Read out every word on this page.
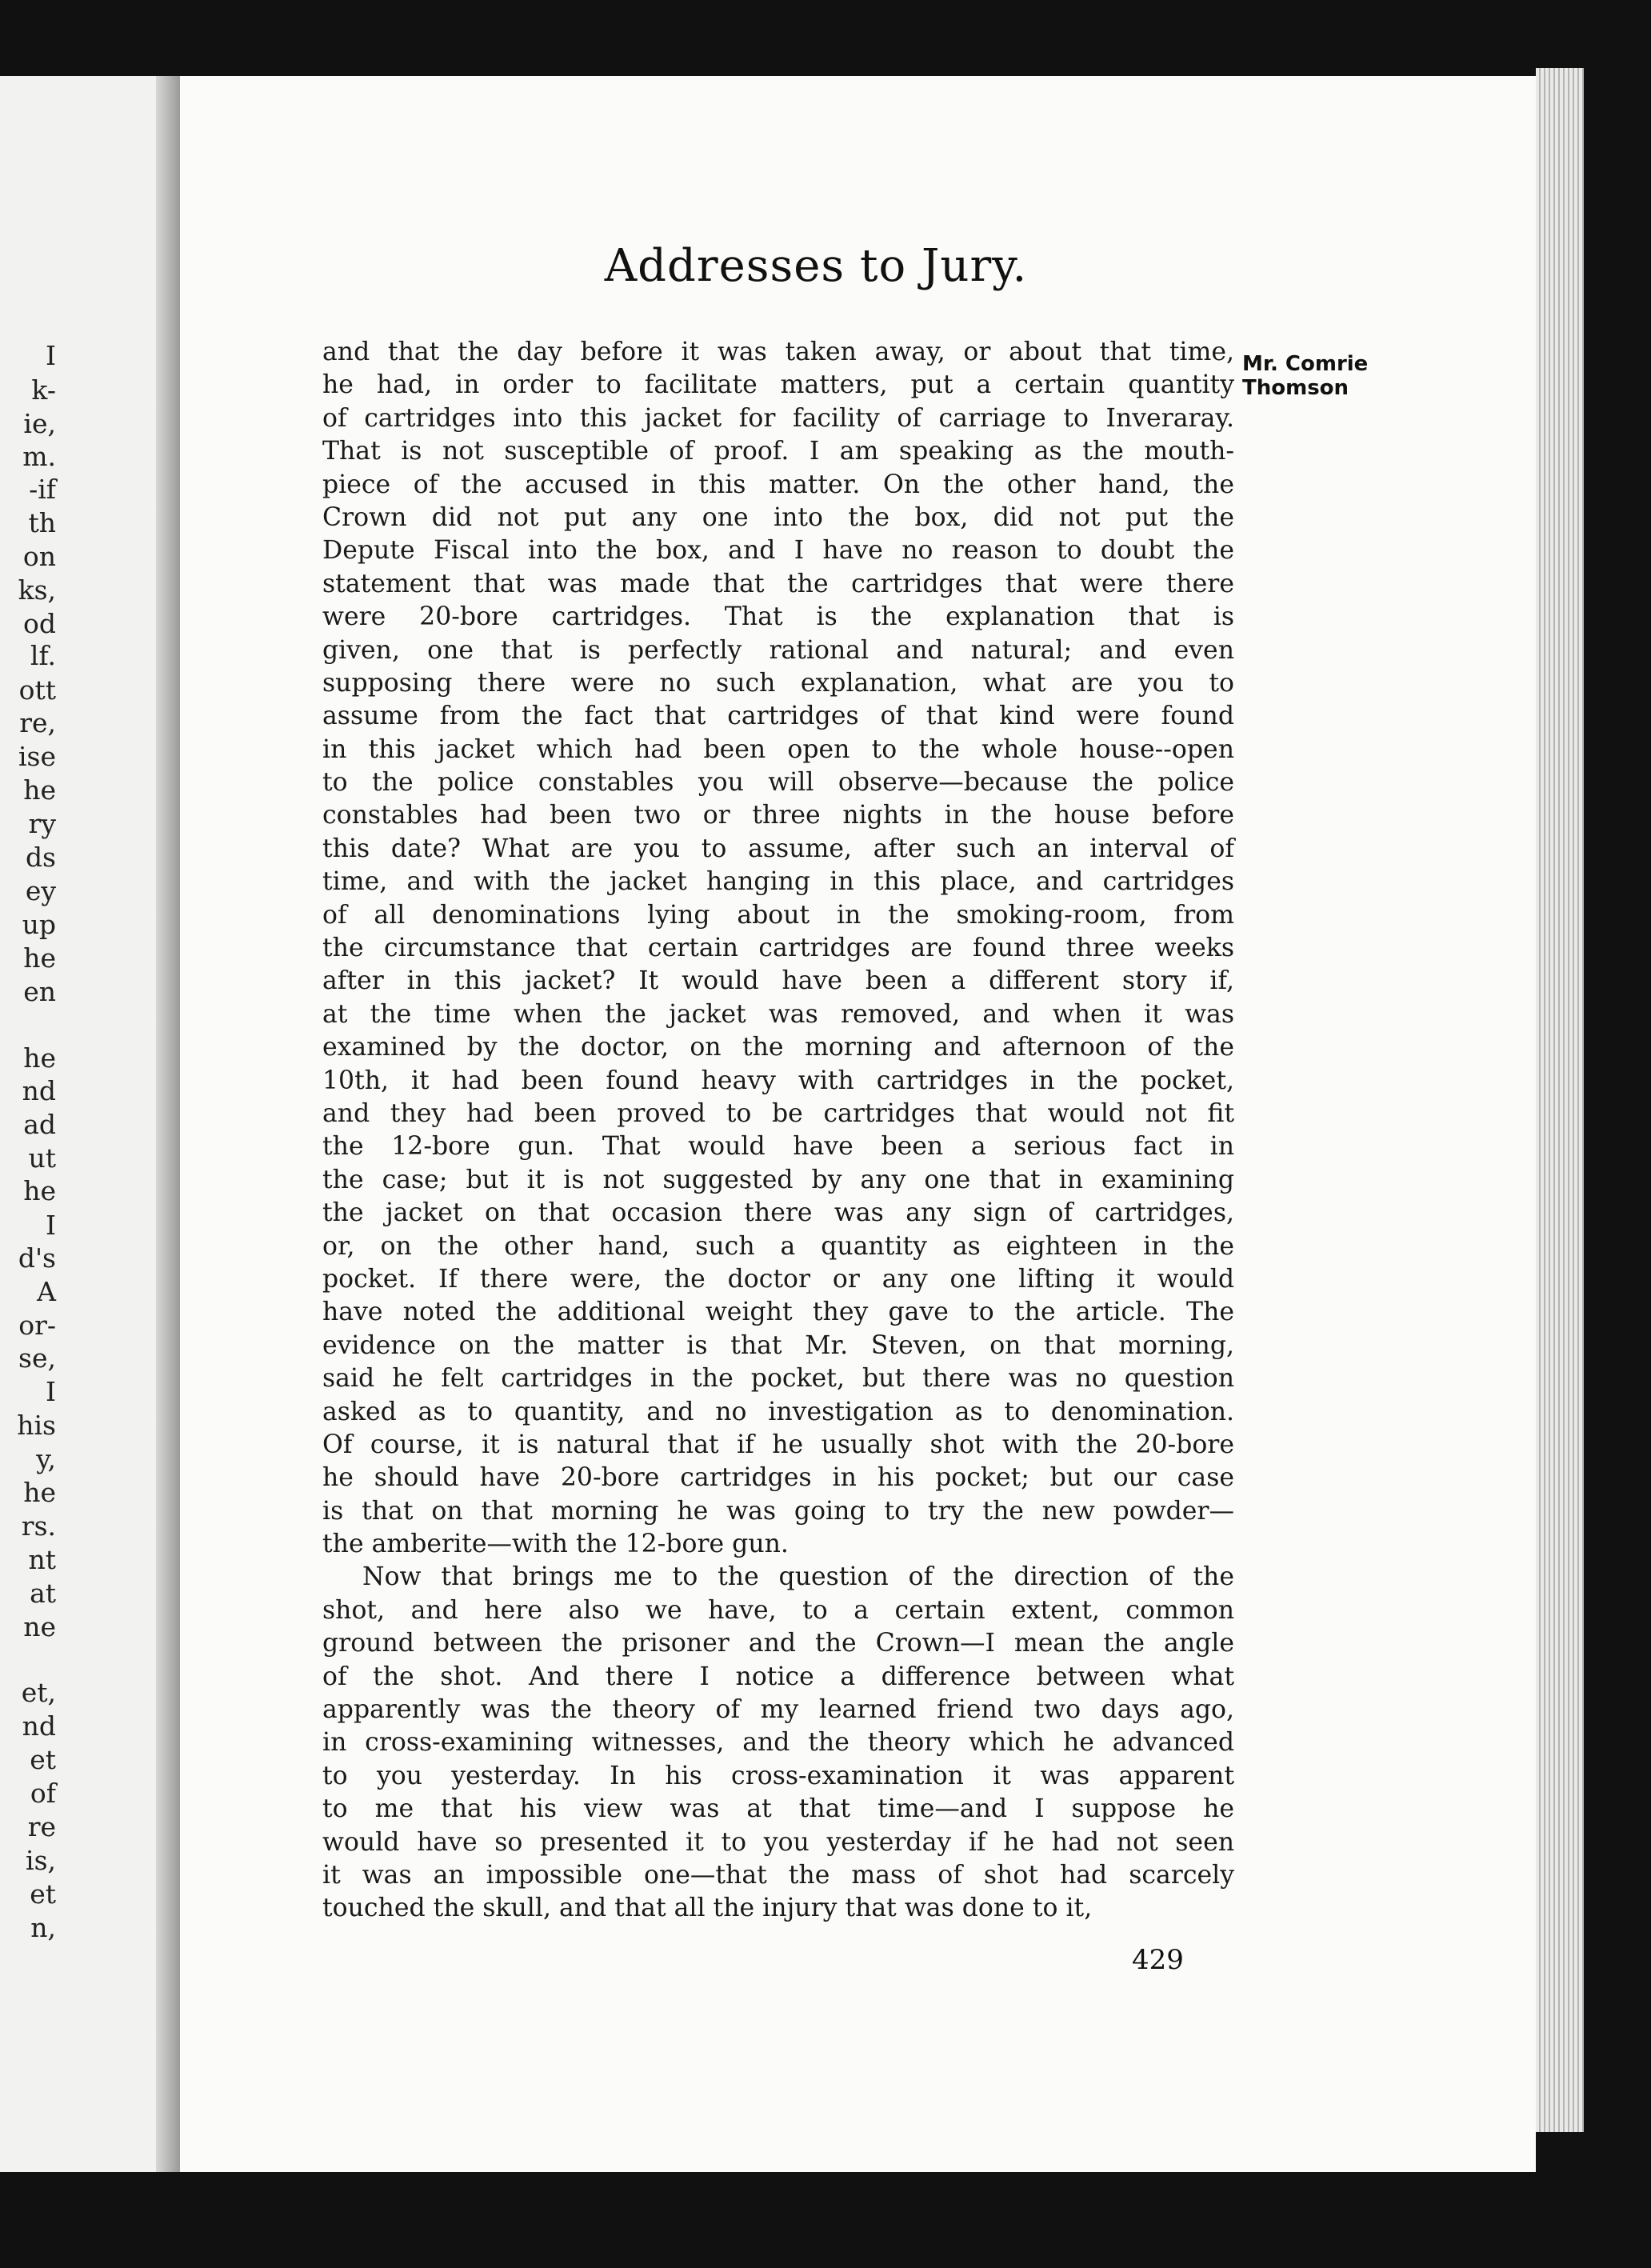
I
k-
ie,
m.
-if
th
on
ks,
od
lf.
ott
re,
ise
he
ry
ds
ey
up
he
en
he
nd
ad
ut
he
I
d's
A
or-
se,
I
his
y,
he
rs.
nt
at
ne
et,
nd
et
of
re
is,
et
n,
Addresses to Jury.
and that the day before it was taken away, or about that time,
he had, in order to facilitate matters, put a certain quantity
of cartridges into this jacket for facility of carriage to Inveraray.
That is not susceptible of proof. I am speaking as the mouth-
piece of the accused in this matter. On the other hand, the
Crown did not put any one into the box, did not put the
Depute Fiscal into the box, and I have no reason to doubt the
statement that was made that the cartridges that were there
were 20-bore cartridges. That is the explanation that is
given, one that is perfectly rational and natural; and even
supposing there were no such explanation, what are you to
assume from the fact that cartridges of that kind were found
in this jacket which had been open to the whole house--open
to the police constables you will observe—because the police
constables had been two or three nights in the house before
this date? What are you to assume, after such an interval of
time, and with the jacket hanging in this place, and cartridges
of all denominations lying about in the smoking-room, from
the circumstance that certain cartridges are found three weeks
after in this jacket? It would have been a different story if,
at the time when the jacket was removed, and when it was
examined by the doctor, on the morning and afternoon of the
10th, it had been found heavy with cartridges in the pocket,
and they had been proved to be cartridges that would not fit
the 12-bore gun. That would have been a serious fact in
the case; but it is not suggested by any one that in examining
the jacket on that occasion there was any sign of cartridges,
or, on the other hand, such a quantity as eighteen in the
pocket. If there were, the doctor or any one lifting it would
have noted the additional weight they gave to the article. The
evidence on the matter is that Mr. Steven, on that morning,
said he felt cartridges in the pocket, but there was no question
asked as to quantity, and no investigation as to denomination.
Of course, it is natural that if he usually shot with the 20-bore
he should have 20-bore cartridges in his pocket; but our case
is that on that morning he was going to try the new powder—
the amberite—with the 12-bore gun.
Now that brings me to the question of the direction of the
shot, and here also we have, to a certain extent, common
ground between the prisoner and the Crown—I mean the angle
of the shot. And there I notice a difference between what
apparently was the theory of my learned friend two days ago,
in cross-examining witnesses, and the theory which he advanced
to you yesterday. In his cross-examination it was apparent
to me that his view was at that time—and I suppose he
would have so presented it to you yesterday if he had not seen
it was an impossible one—that the mass of shot had scarcely
touched the skull, and that all the injury that was done to it,
Mr. Comrie
Thomson
429
